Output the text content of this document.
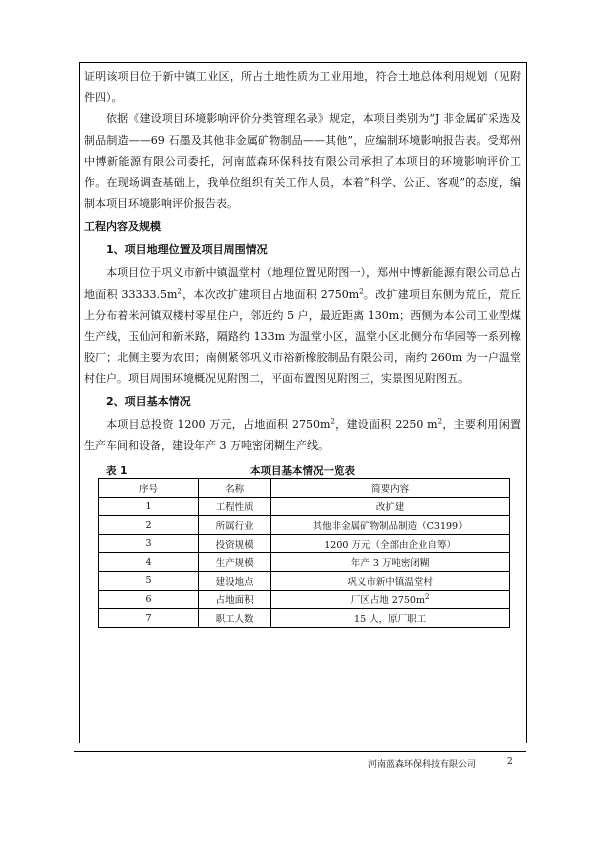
证明该项目位于新中镇工业区，所占土地性质为工业用地，符合土地总体利用规划（见附件四）。

依据《建设项目环境影响评价分类管理名录》规定，本项目类别为“J 非金属矿采选及制品制造——69 石墨及其他非金属矿物制品——其他”，应编制环境影响报告表。受郑州中博新能源有限公司委托，河南蓝森环保科技有限公司承担了本项目的环境影响评价工作。在现场调查基础上，我单位组织有关工作人员，本着“科学、公正、客观”的态度，编制本项目环境影响评价报告表。

工程内容及规模
1、项目地理位置及项目周围情况

本项目位于巩义市新中镇温堂村（地理位置见附图一），郑州中博新能源有限公司总占地面积 $33333.5m^2$，本次改扩建项目占地面积 $2750m^2$。改扩建项目东侧为荒丘，荒丘上分布着米河镇双楼村零星住户，邻近约 5 户，最近距离 130m；西侧为本公司工业型煤生产线，玉仙河和新米路，隔路约 133m 为温堂小区，温堂小区北侧分布华园等一系列橡胶厂；北侧主要为农田；南侧紧邻巩义市裕新橡胶制品有限公司，南约 260m 为一户温堂村住户。项目周围环境概况见附图二，平面布置图见附图三，实景图见附图五。

2、项目基本情况

本项目总投资 1200 万元，占地面积 $2750m^2$，建设面积 2250 $m^2$，主要利用闲置生产车间和设备，建设年产 3 万吨密闭糊生产线。

表 1	本项目基本情况一览表
序号	名称	简要内容
1	工程性质	改扩建
2	所属行业	其他非金属矿物制品制造（C3199）
3	投资规模	1200 万元（全部由企业自筹）
4	生产规模	年产 3 万吨密闭糊
5	建设地点	巩义市新中镇温堂村
6	占地面积	厂区占地 $2750m^2$
7	职工人数	15 人，原厂职工
河南蓝森环保科技有限公司	2
